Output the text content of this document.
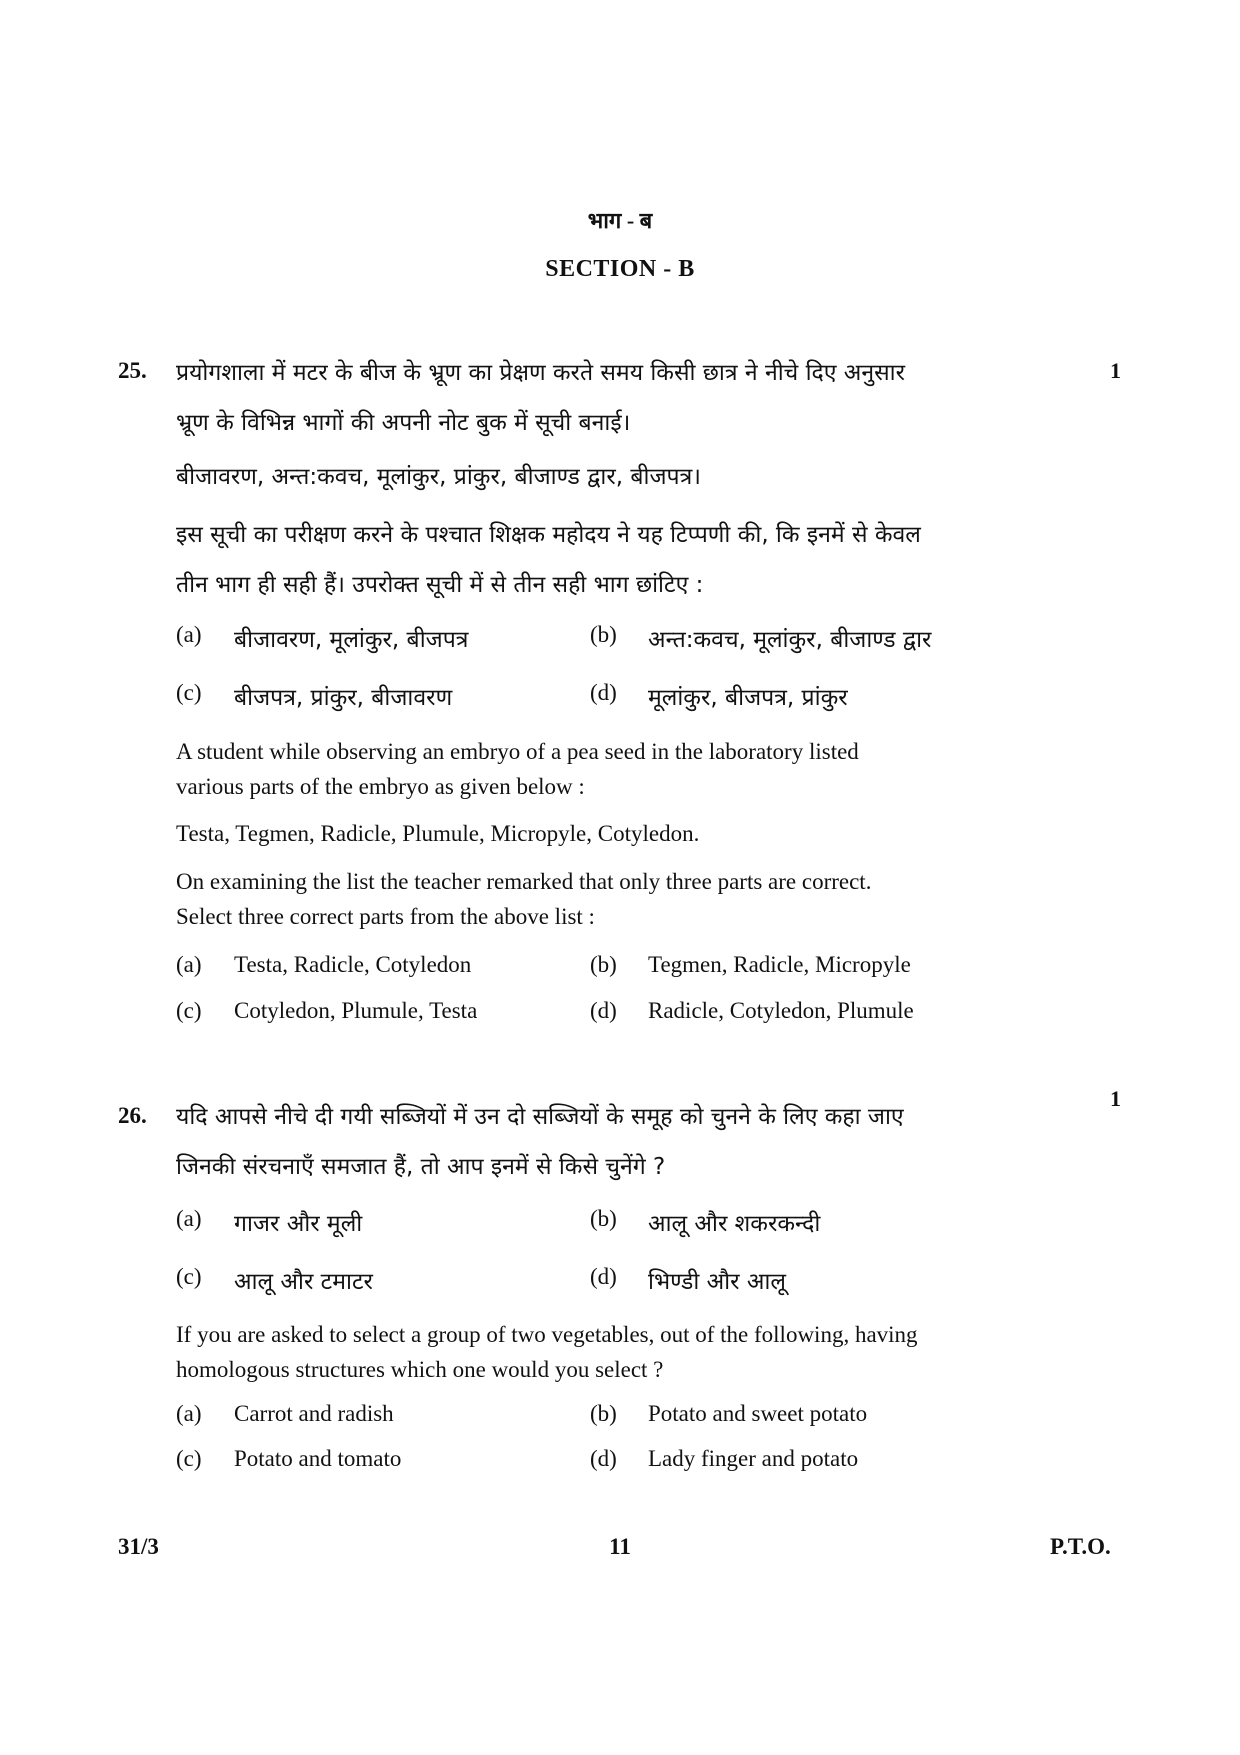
भाग - ब
SECTION - B
25.	1
प्रयोगशाला में मटर के बीज के भ्रूण का प्रेक्षण करते समय किसी छात्र ने नीचे दिए अनुसार
भ्रूण के विभिन्न भागों की अपनी नोट बुक में सूची बनाई।
बीजावरण, अन्त:कवच, मूलांकुर, प्रांकुर, बीजाण्ड द्वार, बीजपत्र।
इस सूची का परीक्षण करने के पश्चात शिक्षक महोदय ने यह टिप्पणी की, कि इनमें से केवल
तीन भाग ही सही हैं। उपरोक्त सूची में से तीन सही भाग छांटिए :
(a) बीजावरण, मूलांकुर, बीजपत्र	(b) अन्त:कवच, मूलांकुर, बीजाण्ड द्वार
(c) बीजपत्र, प्रांकुर, बीजावरण	(d) मूलांकुर, बीजपत्र, प्रांकुर
A student while observing an embryo of a pea seed in the laboratory listed
various parts of the embryo as given below :
Testa, Tegmen, Radicle, Plumule, Micropyle, Cotyledon.
On examining the list the teacher remarked that only three parts are correct.
Select three correct parts from the above list :
(a) Testa, Radicle, Cotyledon	(b) Tegmen, Radicle, Micropyle
(c) Cotyledon, Plumule, Testa	(d) Radicle, Cotyledon, Plumule
26.
1
यदि आपसे नीचे दी गयी सब्जियों में उन दो सब्जियों के समूह को चुनने के लिए कहा जाए
जिनकी संरचनाएँ समजात हैं, तो आप इनमें से किसे चुनेंगे ?
(a) गाजर और मूली	(b) आलू और शकरकन्दी
(c) आलू और टमाटर	(d) भिण्डी और आलू
If you are asked to select a group of two vegetables, out of the following, having
homologous structures which one would you select ?
(a) Carrot and radish	(b) Potato and sweet potato
(c) Potato and tomato	(d) Lady finger and potato
31/3	11	P.T.O.
